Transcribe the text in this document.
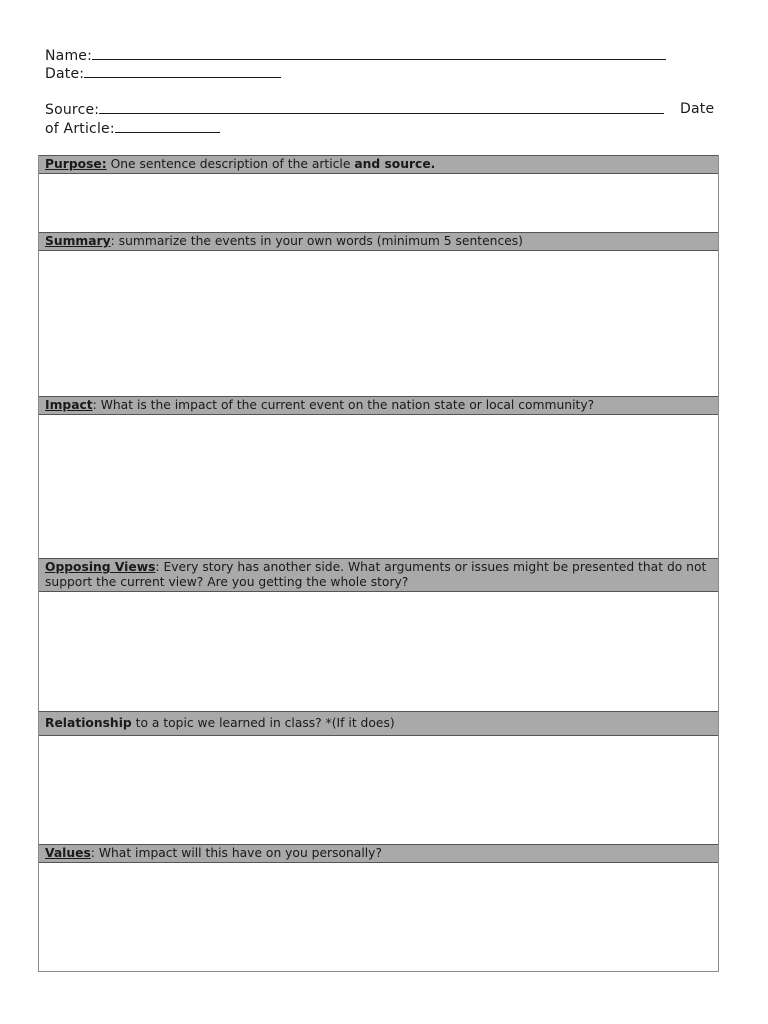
Name:
Date:
Source:	Date
of Article:
Purpose: One sentence description of the article and source.
Summary: summarize the events in your own words (minimum 5 sentences)
Impact: What is the impact of the current event on the nation state or local community?
Opposing Views: Every story has another side. What arguments or issues might be presented that do not support the current view? Are you getting the whole story?
Relationship to a topic we learned in class? *(If it does)
Values: What impact will this have on you personally?
